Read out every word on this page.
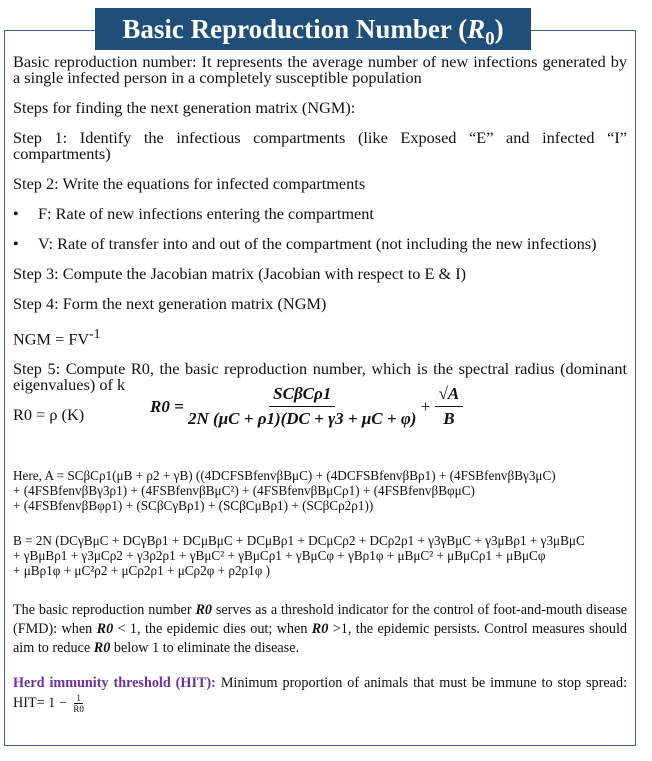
Basic Reproduction Number $(R_0)$

Basic reproduction number: It represents the average number of new infections generated by a single infected person in a completely susceptible population

Steps for finding the next generation matrix (NGM):

Step 1: Identify the infectious compartments (like Exposed “E” and infected “I” compartments)

Step 2: Write the equations for infected compartments

•	F: Rate of new infections entering the compartment
•	V: Rate of transfer into and out of the compartment (not including the new infections)

Step 3: Compute the Jacobian matrix (Jacobian with respect to E & I)

Step 4: Form the next generation matrix (NGM)

NGM = $FV^{-1}$

Step 5: Compute R0, the basic reproduction number, which is the spectral radius (dominant eigenvalues) of k

R0 = ρ (K)	R0 =
$\frac{\text{SCβCρ1}}{2N (\mu C + \rho 1)(DC + \gamma 3 + \mu C + \varphi)}$
+
$\frac{√A}{B}$

Here, A = SCβCρ1(μB + ρ2 + γB) ((4DCFSBfenvβBμC) + (4DCFSBfenvβBρ1) + (4FSBfenvβBγ3μC)

+ (4FSBfenvβBγ3ρ1) + (4FSBfenvβBμC²) + (4FSBfenvβBμCρ1) + (4FSBfenvβBφμC)

+ (4FSBfenvβBφρ1) + (SCβCγBρ1) + (SCβCμBρ1) + (SCβCρ2ρ1))

B = 2N (DCγBμC + DCγBρ1 + DCμBμC + DCμBρ1 + DCμCρ2 + DCρ2ρ1 + γ3γBμC + γ3μBρ1 + γ3μBμC

+ γBμBρ1 + γ3μCρ2 + γ3ρ2ρ1 + γBμC² + γBμCρ1 + γBμCφ + γBρ1φ + μBμC² + μBμCρ1 + μBμCφ

+ μBρ1φ + μC²ρ2 + μCρ2ρ1 + μCρ2φ + ρ2ρ1φ )

The basic reproduction number R0 serves as a threshold indicator for the control of foot-and-mouth disease (FMD): when R0 < 1, the epidemic dies out; when R0 >1, the epidemic persists. Control measures should aim to reduce R0 below 1 to eliminate the disease.

Herd immunity threshold (HIT): Minimum proportion of animals that must be immune to stop spread: $HIT= 1 - \frac{1}{R0}$
